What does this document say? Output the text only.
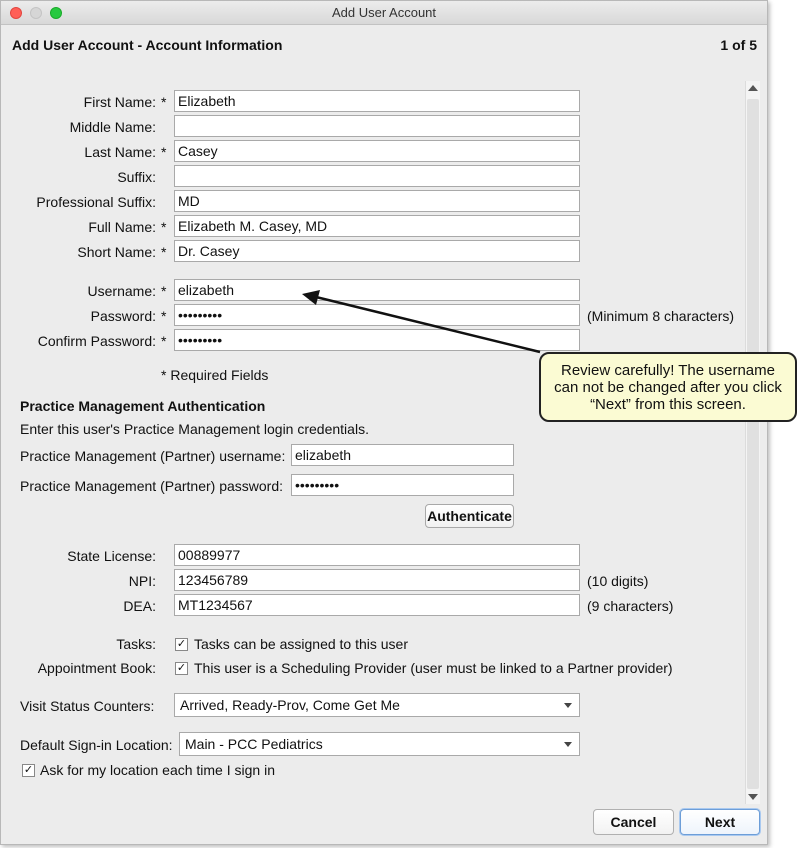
Add User Account
Add User Account - Account Information	1 of 5
First Name: * Elizabeth
Middle Name:
Last Name: * Casey
Suffix:
Professional Suffix: MD
Full Name: * Elizabeth M. Casey, MD
Short Name: * Dr. Casey
Username: * elizabeth
Password: * •••••••••	(Minimum 8 characters)
Confirm Password: * •••••••••
* Required Fields
Practice Management Authentication
Enter this user's Practice Management login credentials.
Practice Management (Partner) username: elizabeth
Practice Management (Partner) password: •••••••••
Authenticate
State License: 00889977
NPI: 123456789	(10 digits)
DEA: MT1234567	(9 characters)
Tasks: ✓ Tasks can be assigned to this user
Appointment Book: ✓ This user is a Scheduling Provider (user must be linked to a Partner provider)
Visit Status Counters:	Arrived, Ready-Prov, Come Get Me
Default Sign-in Location: Main - PCC Pediatrics
✓ Ask for my location each time I sign in
Cancel	Next
Review carefully! The username
can not be changed after you click
“Next” from this screen.
